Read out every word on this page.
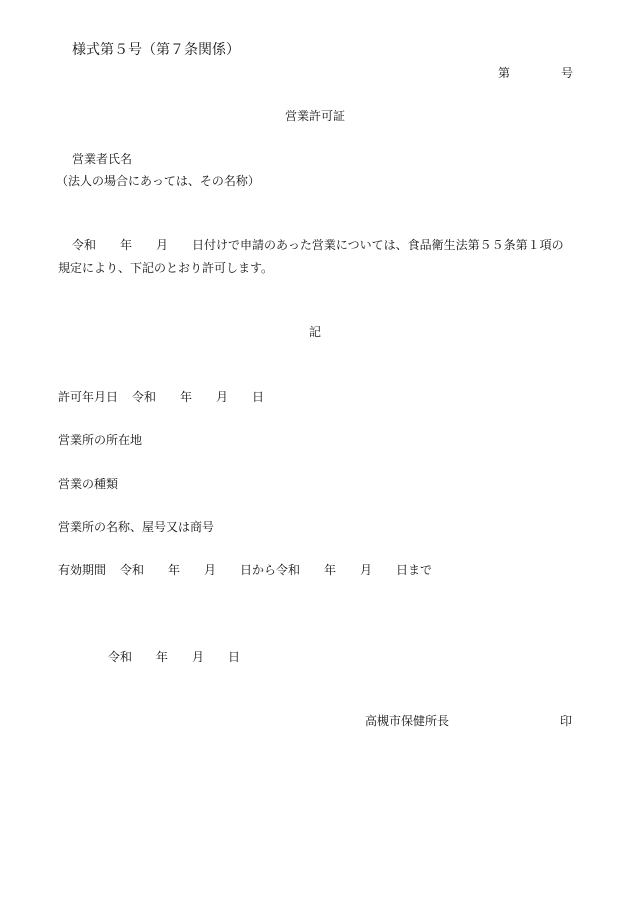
様式第５号（第７条関係）

第	号
営業許可証

営業者氏名

（法人の場合にあっては、その名称）

令和　　年　　月　　日付けで申請のあった営業については、食品衛生法第５５条第１項の

規定により、下記のとおり許可します。

記

許可年月日 令和　　年　　月　　日
営業所の所在地
営業の種類
営業所の名称、屋号又は商号
有効期間 令和　　年　　月　　日から令和　　年　　月　　日まで

令和　　年　　月　　日

高槻市保健所長	印
